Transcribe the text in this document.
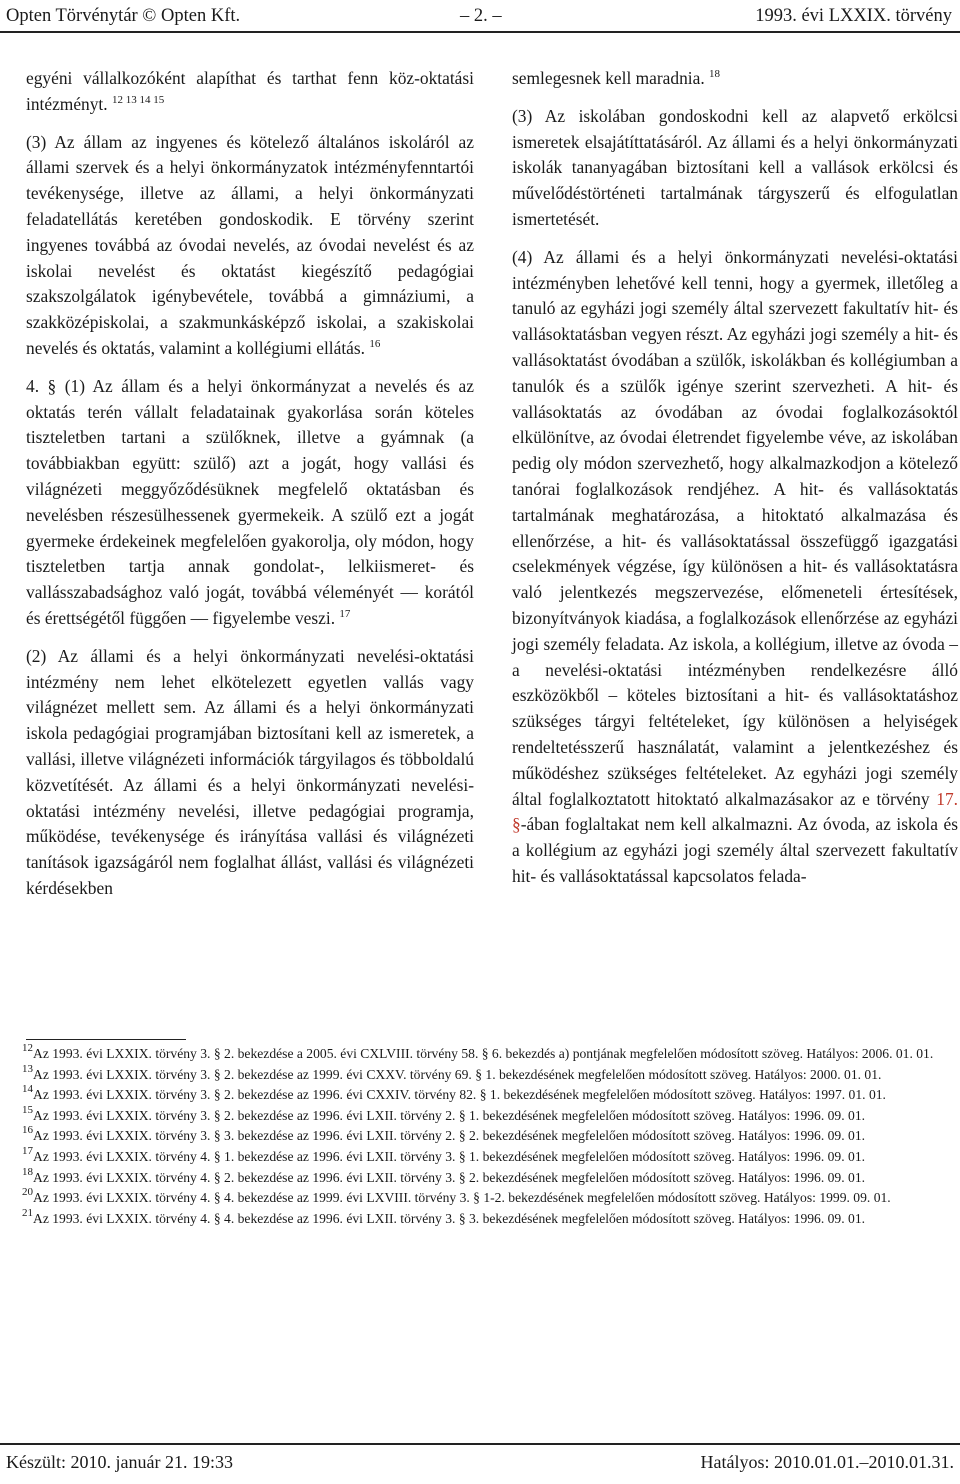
Opten Törvénytár © Opten Kft.	– 2. –	1993. évi LXXIX. törvény

egyéni vállalkozóként alapíthat és tarthat fenn köz-oktatási intézményt. $^{12 13 14 15}$

(3) Az állam az ingyenes és kötelező általános iskoláról az állami szervek és a helyi önkormányzatok intézményfenntartói tevékenysége, illetve az állami, a helyi önkormányzati feladatellátás keretében gondoskodik. E törvény szerint ingyenes továbbá az óvodai nevelés, az óvodai nevelést és az iskolai nevelést és oktatást kiegészítő pedagógiai szakszolgálatok igénybevétele, továbbá a gimnáziumi, a szakközépiskolai, a szakmunkásképző iskolai, a szakiskolai nevelés és oktatás, valamint a kollégiumi ellátás. $^{16}$

4. § (1) Az állam és a helyi önkormányzat a nevelés és az oktatás terén vállalt feladatainak gyakorlása során köteles tiszteletben tartani a szülőknek, illetve a gyámnak (a továbbiakban együtt: szülő) azt a jogát, hogy vallási és világnézeti meggyőződésüknek megfelelő oktatásban és nevelésben részesülhessenek gyermekeik. A szülő ezt a jogát gyermeke érdekeinek megfelelően gyakorolja, oly módon, hogy tiszteletben tartja annak gondolat-, lelkiismeret- és vallásszabadsághoz való jogát, továbbá véleményét — korától és érettségétől függően — figyelembe veszi. $^{17}$

(2) Az állami és a helyi önkormányzati nevelési-oktatási intézmény nem lehet elkötelezett egyetlen vallás vagy világnézet mellett sem. Az állami és a helyi önkormányzati iskola pedagógiai programjában biztosítani kell az ismeretek, a vallási, illetve világnézeti információk tárgyilagos és többoldalú közvetítését. Az állami és a helyi önkormányzati nevelési-oktatási intézmény nevelési, illetve pedagógiai programja, működése, tevékenysége és irányítása vallási és világnézeti tanítások igazságáról nem foglalhat állást, vallási és világnézeti kérdésekben

semlegesnek kell maradnia. $^{18}$

(3) Az iskolában gondoskodni kell az alapvető erkölcsi ismeretek elsajátíttatásáról. Az állami és a helyi önkormányzati iskolák tananyagában biztosítani kell a vallások erkölcsi és művelődéstörténeti tartalmának tárgyszerű és elfogulatlan ismertetését.

(4) Az állami és a helyi önkormányzati nevelési-oktatási intézményben lehetővé kell tenni, hogy a gyermek, illetőleg a tanuló az egyházi jogi személy által szervezett fakultatív hit- és vallásoktatásban vegyen részt. Az egyházi jogi személy a hit- és vallásoktatást óvodában a szülők, iskolákban és kollégiumban a tanulók és a szülők igénye szerint szervezheti. A hit- és vallásoktatás az óvodában az óvodai foglalkozásoktól elkülönítve, az óvodai életrendet figyelembe véve, az iskolában pedig oly módon szervezhető, hogy alkalmazkodjon a kötelező tanórai foglalkozások rendjéhez. A hit- és vallásoktatás tartalmának meghatározása, a hitoktató alkalmazása és ellenőrzése, a hit- és vallásoktatással összefüggő igazgatási cselekmények végzése, így különösen a hit- és vallásoktatásra való jelentkezés megszervezése, előmeneteli értesítések, bizonyítványok kiadása, a foglalkozások ellenőrzése az egyházi jogi személy feladata. Az iskola, a kollégium, illetve az óvoda – a nevelési-oktatási intézményben rendelkezésre álló eszközökből – köteles biztosítani a hit- és vallásoktatáshoz szükséges tárgyi feltételeket, így különösen a helyiségek rendeltetésszerű használatát, valamint a jelentkezéshez és működéshez szükséges feltételeket. Az egyházi jogi személy által foglalkoztatott hitoktató alkalmazásakor az e törvény 17. §-ában foglaltakat nem kell alkalmazni. Az óvoda, az iskola és a kollégium az egyházi jogi személy által szervezett fakultatív hit- és vallásoktatással kapcsolatos felada-

$^{12}$Az 1993. évi LXXIX. törvény 3. § 2. bekezdése a 2005. évi CXLVIII. törvény 58. § 6. bekezdés a) pontjának megfelelően módosított szöveg. Hatályos: 2006. 01. 01.

$^{13}$Az 1993. évi LXXIX. törvény 3. § 2. bekezdése az 1999. évi CXXV. törvény 69. § 1. bekezdésének megfelelően módosított szöveg. Hatályos: 2000. 01. 01.

$^{14}$Az 1993. évi LXXIX. törvény 3. § 2. bekezdése az 1996. évi CXXIV. törvény 82. § 1. bekezdésének megfelelően módosított szöveg. Hatályos: 1997. 01. 01.

$^{15}$Az 1993. évi LXXIX. törvény 3. § 2. bekezdése az 1996. évi LXII. törvény 2. § 1. bekezdésének megfelelően módosított szöveg. Hatályos: 1996. 09. 01.

$^{16}$Az 1993. évi LXXIX. törvény 3. § 3. bekezdése az 1996. évi LXII. törvény 2. § 2. bekezdésének megfelelően módosított szöveg. Hatályos: 1996. 09. 01.

$^{17}$Az 1993. évi LXXIX. törvény 4. § 1. bekezdése az 1996. évi LXII. törvény 3. § 1. bekezdésének megfelelően módosított szöveg. Hatályos: 1996. 09. 01.

$^{18}$Az 1993. évi LXXIX. törvény 4. § 2. bekezdése az 1996. évi LXII. törvény 3. § 2. bekezdésének megfelelően módosított szöveg. Hatályos: 1996. 09. 01.

$^{20}$Az 1993. évi LXXIX. törvény 4. § 4. bekezdése az 1999. évi LXVIII. törvény 3. § 1-2. bekezdésének megfelelően módosított szöveg. Hatályos: 1999. 09. 01.

$^{21}$Az 1993. évi LXXIX. törvény 4. § 4. bekezdése az 1996. évi LXII. törvény 3. § 3. bekezdésének megfelelően módosított szöveg. Hatályos: 1996. 09. 01.

Készült: 2010. január 21. 19:33	Hatályos: 2010.01.01.–2010.01.31.
